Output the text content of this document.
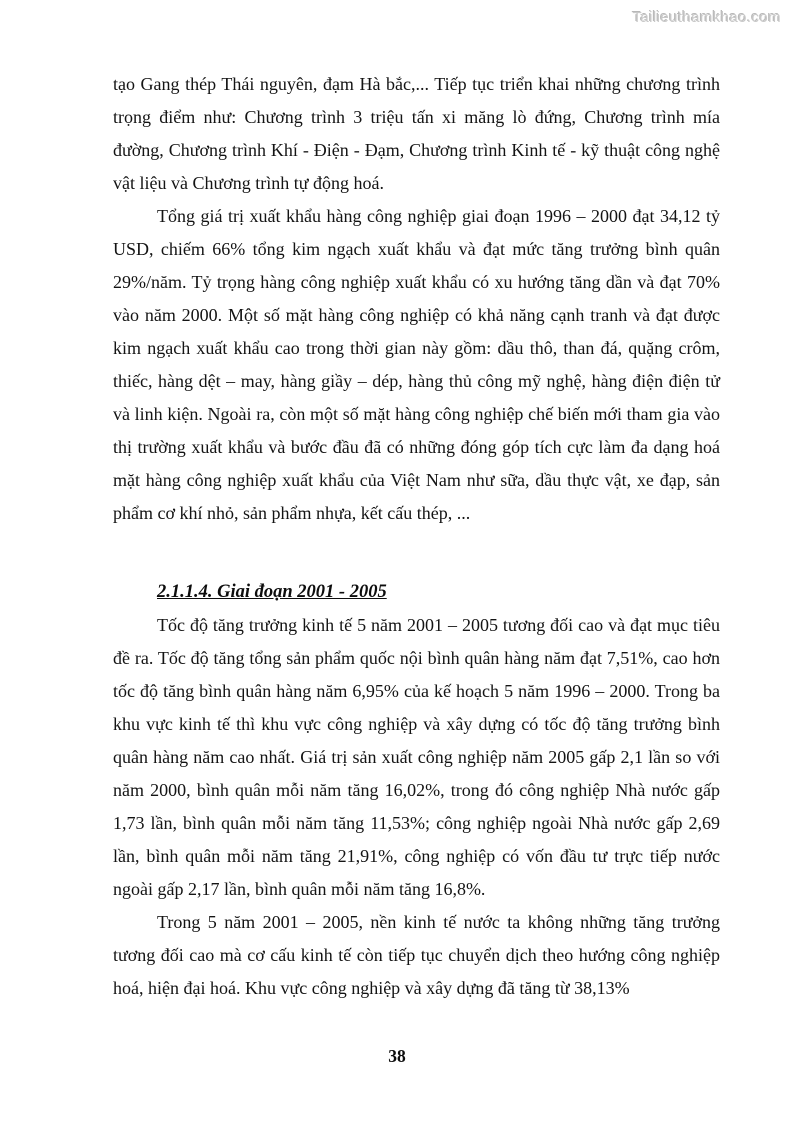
Tailieuthamkhao.com

tạo Gang thép Thái nguyên, đạm Hà bắc,... Tiếp tục triển khai những chương trình trọng điểm như: Chương trình 3 triệu tấn xi măng lò đứng, Chương trình mía đường, Chương trình Khí - Điện - Đạm, Chương trình Kinh tế - kỹ thuật công nghệ vật liệu và Chương trình tự động hoá.

Tổng giá trị xuất khẩu hàng công nghiệp giai đoạn 1996 – 2000 đạt 34,12 tỷ USD, chiếm 66% tổng kim ngạch xuất khẩu và đạt mức tăng trưởng bình quân 29%/năm. Tỷ trọng hàng công nghiệp xuất khẩu có xu hướng tăng dần và đạt 70% vào năm 2000. Một số mặt hàng công nghiệp có khả năng cạnh tranh và đạt được kim ngạch xuất khẩu cao trong thời gian này gồm: dầu thô, than đá, quặng crôm, thiếc, hàng dệt – may, hàng giầy – dép, hàng thủ công mỹ nghệ, hàng điện điện tử và linh kiện. Ngoài ra, còn một số mặt hàng công nghiệp chế biến mới tham gia vào thị trường xuất khẩu và bước đầu đã có những đóng góp tích cực làm đa dạng hoá mặt hàng công nghiệp xuất khẩu của Việt Nam như sữa, dầu thực vật, xe đạp, sản phẩm cơ khí nhỏ, sản phẩm nhựa, kết cấu thép, ...

2.1.1.4. Giai đoạn 2001 - 2005

Tốc độ tăng trưởng kinh tế 5 năm 2001 – 2005 tương đối cao và đạt mục tiêu đề ra. Tốc độ tăng tổng sản phẩm quốc nội bình quân hàng năm đạt 7,51%, cao hơn tốc độ tăng bình quân hàng năm 6,95% của kế hoạch 5 năm 1996 – 2000. Trong ba khu vực kinh tế thì khu vực công nghiệp và xây dựng có tốc độ tăng trưởng bình quân hàng năm cao nhất. Giá trị sản xuất công nghiệp năm 2005 gấp 2,1 lần so với năm 2000, bình quân mỗi năm tăng 16,02%, trong đó công nghiệp Nhà nước gấp 1,73 lần, bình quân mỗi năm tăng 11,53%; công nghiệp ngoài Nhà nước gấp 2,69 lần, bình quân mỗi năm tăng 21,91%, công nghiệp có vốn đầu tư trực tiếp nước ngoài gấp 2,17 lần, bình quân mỗi năm tăng 16,8%.

Trong 5 năm 2001 – 2005, nền kinh tế nước ta không những tăng trưởng tương đối cao mà cơ cấu kinh tế còn tiếp tục chuyển dịch theo hướng công nghiệp hoá, hiện đại hoá. Khu vực công nghiệp và xây dựng đã tăng từ 38,13%

38
